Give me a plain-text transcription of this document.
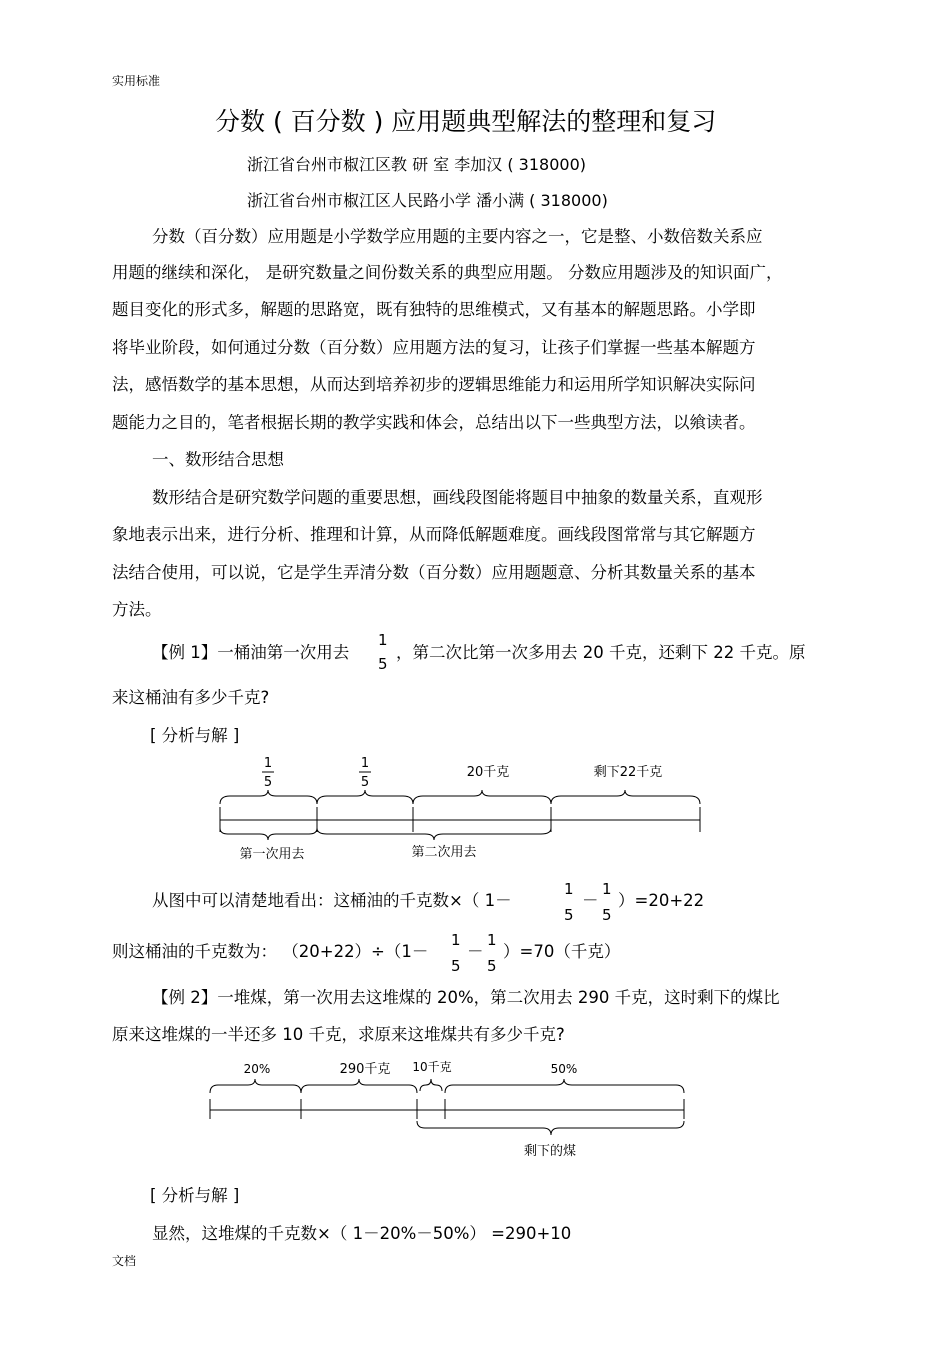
实用标准
分数 ( 百分数 ) 应用题典型解法的整理和复习
浙江省台州市椒江区教 研 室 李加汉 ( 318000)
浙江省台州市椒江区人民路小学 潘小满 ( 318000)
分数（百分数）应用题是小学数学应用题的主要内容之一，它是整、小数倍数关系应
用题的继续和深化， 是研究数量之间份数关系的典型应用题。 分数应用题涉及的知识面广，
题目变化的形式多，解题的思路宽，既有独特的思维模式，又有基本的解题思路。小学即
将毕业阶段，如何通过分数（百分数）应用题方法的复习，让孩子们掌握一些基本解题方
法，感悟数学的基本思想，从而达到培养初步的逻辑思维能力和运用所学知识解决实际问
题能力之目的，笔者根据长期的教学实践和体会，总结出以下一些典型方法，以飨读者。
一、数形结合思想
数形结合是研究数学问题的重要思想，画线段图能将题目中抽象的数量关系，直观形
象地表示出来，进行分析、推理和计算，从而降低解题难度。画线段图常常与其它解题方
法结合使用，可以说，它是学生弄清分数（百分数）应用题题意、分析其数量关系的基本
方法。
【例 1】一桶油第一次用去
1
5
，第二次比第一次多用去 20 千克，还剩下 22 千克。原
来这桶油有多少千克?
[ 分析与解 ]
1
5
1
5
20千克	剩下22千克
第一次用去	第二次用去
从图中可以清楚地看出：这桶油的千克数×（ 1－
1
5
－
1
5
）=20+22
则这桶油的千克数为： （20+22）÷（1－
1
5
－
1
5
）=70（千克）
【例 2】一堆煤，第一次用去这堆煤的 20%，第二次用去 290 千克，这时剩下的煤比
原来这堆煤的一半还多 10 千克，求原来这堆煤共有多少千克?
20%	290千克 10千克	50%
剩下的煤
[ 分析与解 ]
显然，这堆煤的千克数×（ 1－20%－50%） =290+10
文档
